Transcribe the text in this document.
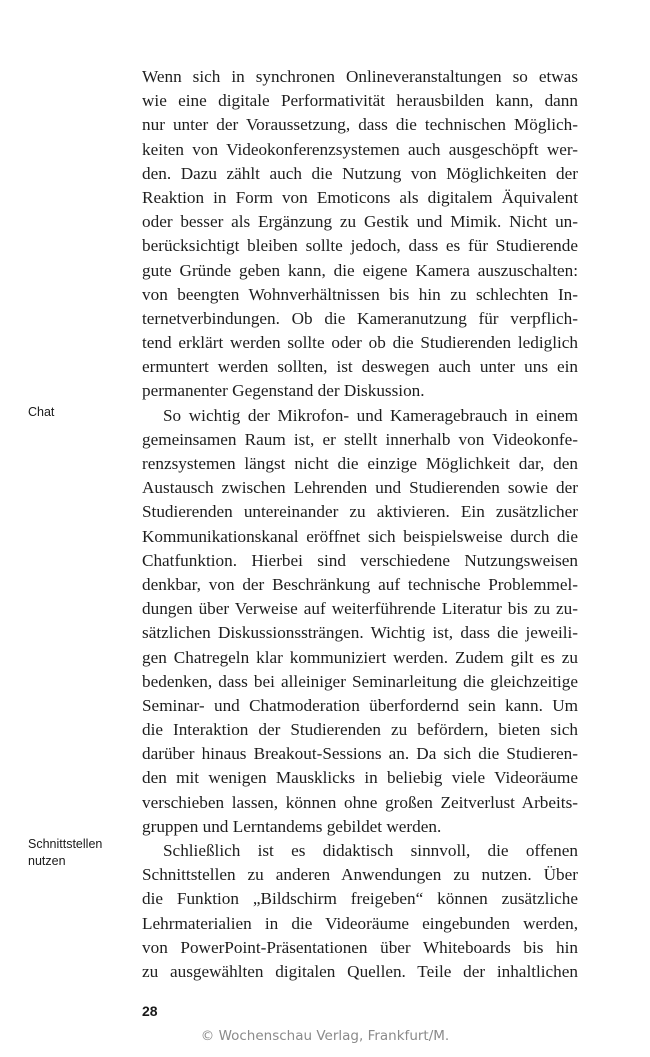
Wenn sich in synchronen Onlineveranstaltungen so etwas
wie eine digitale Performativität herausbilden kann, dann
nur unter der Voraussetzung, dass die technischen Möglich-
keiten von Videokonferenzsystemen auch ausgeschöpft wer-
den. Dazu zählt auch die Nutzung von Möglichkeiten der
Reaktion in Form von Emoticons als digitalem Äquivalent
oder besser als Ergänzung zu Gestik und Mimik. Nicht un-
berücksichtigt bleiben sollte jedoch, dass es für Studierende
gute Gründe geben kann, die eigene Kamera auszuschalten:
von beengten Wohnverhältnissen bis hin zu schlechten In-
ternetverbindungen. Ob die Kameranutzung für verpflich-
tend erklärt werden sollte oder ob die Studierenden lediglich
ermuntert werden sollten, ist deswegen auch unter uns ein
permanenter Gegenstand der Diskussion.
So wichtig der Mikrofon- und Kameragebrauch in einem
gemeinsamen Raum ist, er stellt innerhalb von Videokonfe-
renzsystemen längst nicht die einzige Möglichkeit dar, den
Austausch zwischen Lehrenden und Studierenden sowie der
Studierenden untereinander zu aktivieren. Ein zusätzlicher
Kommunikationskanal eröffnet sich beispielsweise durch die
Chatfunktion. Hierbei sind verschiedene Nutzungsweisen
denkbar, von der Beschränkung auf technische Problemmel-
dungen über Verweise auf weiterführende Literatur bis zu zu-
sätzlichen Diskussionssträngen. Wichtig ist, dass die jeweili-
gen Chatregeln klar kommuniziert werden. Zudem gilt es zu
bedenken, dass bei alleiniger Seminarleitung die gleichzeitige
Seminar- und Chatmoderation überfordernd sein kann. Um
die Interaktion der Studierenden zu befördern, bieten sich
darüber hinaus Breakout-Sessions an. Da sich die Studieren-
den mit wenigen Mausklicks in beliebig viele Videoräume
verschieben lassen, können ohne großen Zeitverlust Arbeits-
gruppen und Lerntandems gebildet werden.
Schließlich ist es didaktisch sinnvoll, die offenen
Schnittstellen zu anderen Anwendungen zu nutzen. Über
die Funktion „Bildschirm freigeben“ können zusätzliche
Lehrmaterialien in die Videoräume eingebunden werden,
von PowerPoint-Präsentationen über Whiteboards bis hin
zu ausgewählten digitalen Quellen. Teile der inhaltlichen
Chat
Schnittstellen
nutzen
28
© Wochenschau Verlag, Frankfurt/M.
